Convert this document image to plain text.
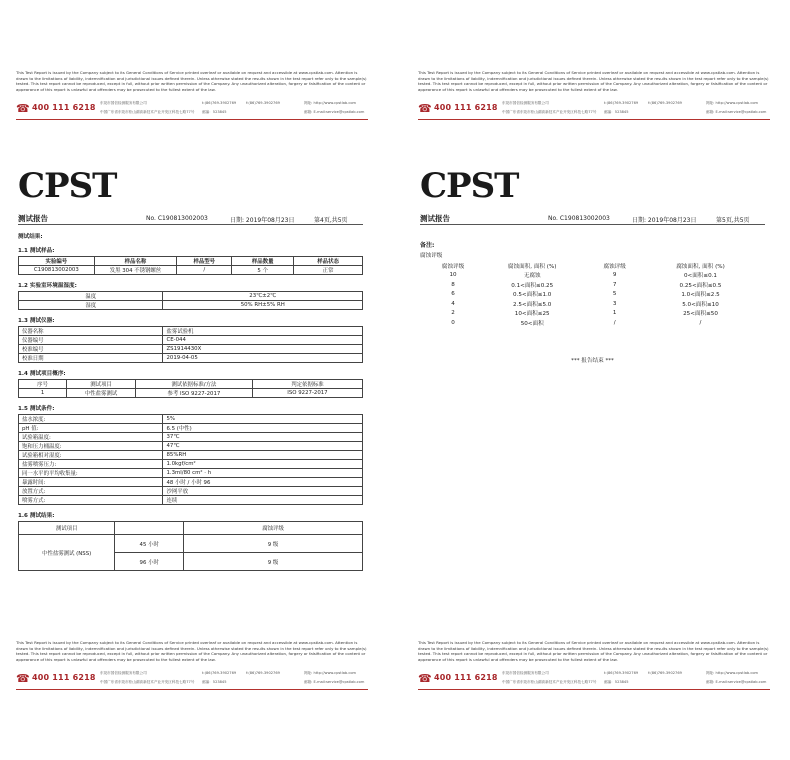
This Test Report is issued by the Company subject to its General Conditions of Service printed overleaf or available on request and accessible at www.cpstlab.com. Attention is drawn to the limitations of liability, indemnification and jurisdictional issues defined therein. Unless otherwise stated the results shown in the test report refer only to the sample(s) tested. This test report cannot be reproduced, except in full, without prior written permission of the Company. Any unauthorized alteration, forgery or falsification of the content or appearance of this report is unlawful and offenders may be prosecuted to the fullest extent of the law.
☎ 400 111 6218 东莞市国信检测服务有限公司
中国广东省东莞市松山湖高新技术产业开发区科技七路77号
t:(86)769-3902769
邮编：523845
f:(86)769-3902769	网址: http://www.cpstlab.com
邮箱: E-mail:service@cpstlab.com
CPST
测试报告	No. C190813002003	日期: 2019年08月23日	第4页,共5页
测试结果:
1.1 测试样品:
实验编号	样品名称	样品型号	样品数量	样品状态
C190813002003	发黑 304 不锈钢螺丝	/	5 个	正常
1.2 实验室环境温湿度:
温度	23℃±2℃
湿度	50% RH±5% RH
1.3 测试仪器:
仪器名称	盐雾试验机
仪器编号	CE-044
校准编号	ZS1914430X
校准日期	2019-04-05
1.4 测试项目概序:
序号	测试项目	测试依据标准/方法	判定依据标准
1	中性盐雾测试	参考 ISO 9227-2017	ISO 9227-2017
1.5 测试条件:
盐水浓度:	5%
pH 值:	6.5 (中性)
试验箱温度:	37℃
饱和压力桶温度:	47℃
试验箱相对湿度:	85%RH
盐雾喷雾压力:	1.0kgf/cm²
同一水平的平均收集量:	1.3ml/80 cm² · h
暴露时间:	48 小时 / 小时 96
放置方式:	沙网平放
喷雾方式:	连续
1.6 测试结果:
测试项目		腐蚀评级
中性盐雾测试 (NSS)	45 小时	9 级
	96 小时	9 级
This Test Report is issued by the Company subject to its General Conditions of Service printed overleaf or available on request and accessible at www.cpstlab.com. Attention is drawn to the limitations of liability, indemnification and jurisdictional issues defined therein. Unless otherwise stated the results shown in the test report refer only to the sample(s) tested. This test report cannot be reproduced, except in full, without prior written permission of the Company. Any unauthorized alteration, forgery or falsification of the content or appearance of this report is unlawful and offenders may be prosecuted to the fullest extent of the law.
☎ 400 111 6218 东莞市国信检测服务有限公司
中国广东省东莞市松山湖高新技术产业开发区科技七路77号
t:(86)769-3902769
邮编：523845
f:(86)769-3902769	网址: http://www.cpstlab.com
邮箱: E-mail:service@cpstlab.com
This Test Report is issued by the Company subject to its General Conditions of Service printed overleaf or available on request and accessible at www.cpstlab.com. Attention is drawn to the limitations of liability, indemnification and jurisdictional issues defined therein. Unless otherwise stated the results shown in the test report refer only to the sample(s) tested. This test report cannot be reproduced, except in full, without prior written permission of the Company. Any unauthorized alteration, forgery or falsification of the content or appearance of this report is unlawful and offenders may be prosecuted to the fullest extent of the law.
☎ 400 111 6218 东莞市国信检测服务有限公司
中国广东省东莞市松山湖高新技术产业开发区科技七路77号
t:(86)769-3902769
邮编：523845
f:(86)769-3902769	网址: http://www.cpstlab.com
邮箱: E-mail:service@cpstlab.com
CPST
测试报告	No. C190813002003	日期: 2019年08月23日	第5页,共5页
备注:
腐蚀评级
腐蚀评级	腐蚀面积, 面积 (%)	腐蚀评级	腐蚀面积, 面积 (%)
10	无腐蚀	9	0<面积≤0.1
8	0.1<面积≤0.25	7	0.25<面积≤0.5
6	0.5<面积≤1.0	5	1.0<面积≤2.5
4	2.5<面积≤5.0	3	5.0<面积≤10
2	10<面积≤25	1	25<面积≤50
0	50<面积	/	/
*** 报告结束 ***
This Test Report is issued by the Company subject to its General Conditions of Service printed overleaf or available on request and accessible at www.cpstlab.com. Attention is drawn to the limitations of liability, indemnification and jurisdictional issues defined therein. Unless otherwise stated the results shown in the test report refer only to the sample(s) tested. This test report cannot be reproduced, except in full, without prior written permission of the Company. Any unauthorized alteration, forgery or falsification of the content or appearance of this report is unlawful and offenders may be prosecuted to the fullest extent of the law.
☎ 400 111 6218 东莞市国信检测服务有限公司
中国广东省东莞市松山湖高新技术产业开发区科技七路77号
t:(86)769-3902769
邮编：523845
f:(86)769-3902769	网址: http://www.cpstlab.com
邮箱: E-mail:service@cpstlab.com
